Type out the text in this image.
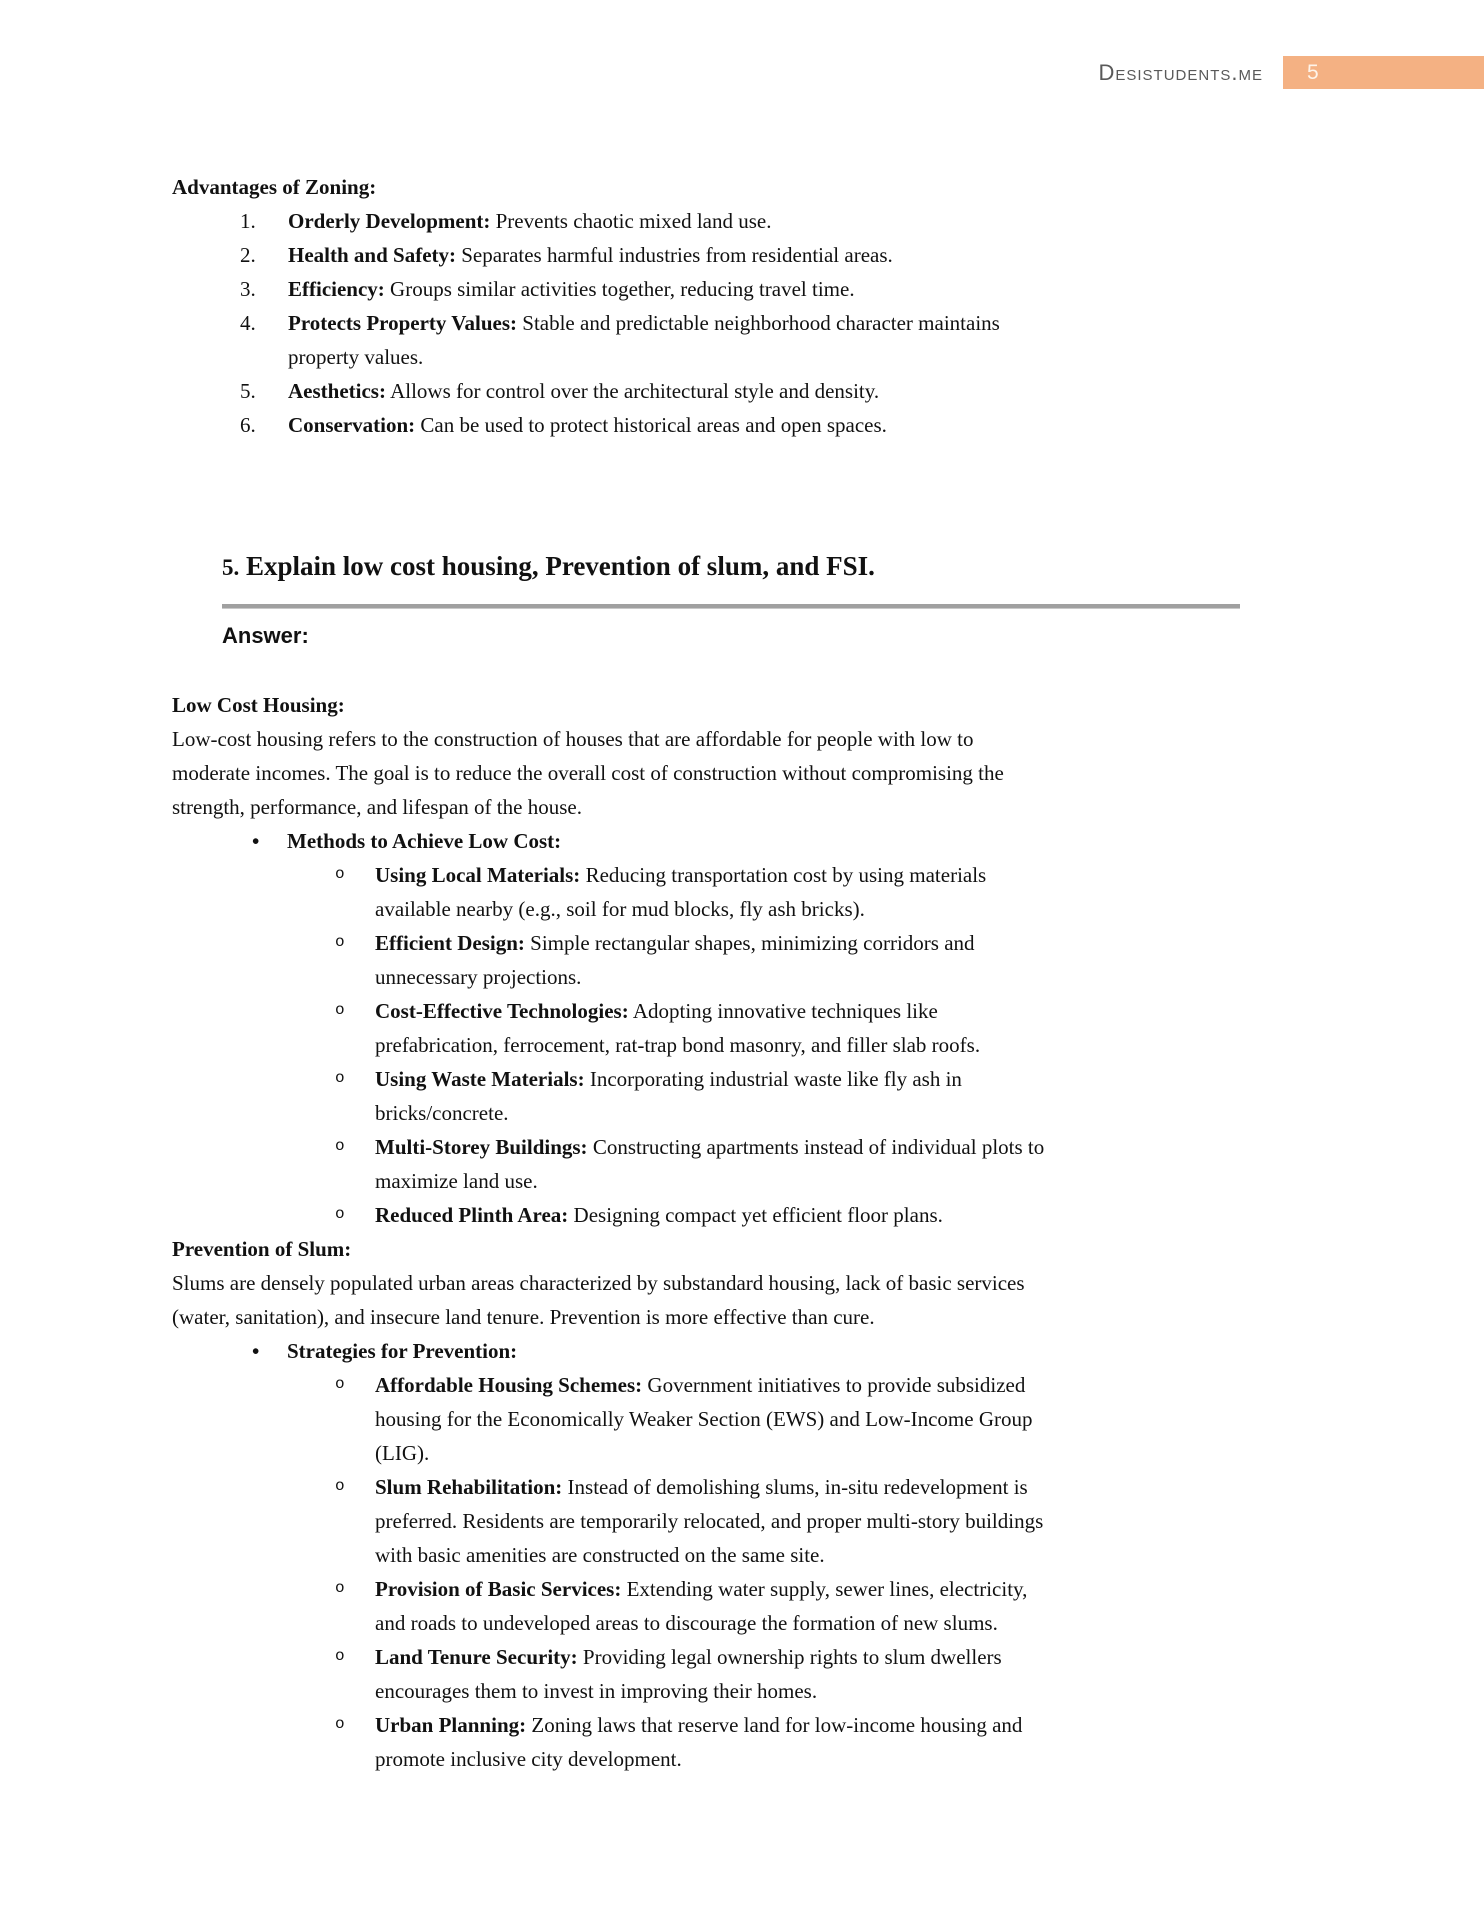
Desistudents.me	5
Advantages of Zoning:
1. Orderly Development: Prevents chaotic mixed land use.
2. Health and Safety: Separates harmful industries from residential areas.
3. Efficiency: Groups similar activities together, reducing travel time.
4. Protects Property Values: Stable and predictable neighborhood character maintains property values.
5. Aesthetics: Allows for control over the architectural style and density.
6. Conservation: Can be used to protect historical areas and open spaces.
5. Explain low cost housing, Prevention of slum, and FSI.
Answer:
Low Cost Housing:
Low-cost housing refers to the construction of houses that are affordable for people with low to moderate incomes. The goal is to reduce the overall cost of construction without compromising the strength, performance, and lifespan of the house.
• Methods to Achieve Low Cost:
o Using Local Materials: Reducing transportation cost by using materials available nearby (e.g., soil for mud blocks, fly ash bricks).
o Efficient Design: Simple rectangular shapes, minimizing corridors and unnecessary projections.
o Cost-Effective Technologies: Adopting innovative techniques like prefabrication, ferrocement, rat-trap bond masonry, and filler slab roofs.
o Using Waste Materials: Incorporating industrial waste like fly ash in bricks/concrete.
o Multi-Storey Buildings: Constructing apartments instead of individual plots to maximize land use.
o Reduced Plinth Area: Designing compact yet efficient floor plans.
Prevention of Slum:
Slums are densely populated urban areas characterized by substandard housing, lack of basic services (water, sanitation), and insecure land tenure. Prevention is more effective than cure.
• Strategies for Prevention:
o Affordable Housing Schemes: Government initiatives to provide subsidized housing for the Economically Weaker Section (EWS) and Low-Income Group (LIG).
o Slum Rehabilitation: Instead of demolishing slums, in-situ redevelopment is preferred. Residents are temporarily relocated, and proper multi-story buildings with basic amenities are constructed on the same site.
o Provision of Basic Services: Extending water supply, sewer lines, electricity, and roads to undeveloped areas to discourage the formation of new slums.
o Land Tenure Security: Providing legal ownership rights to slum dwellers encourages them to invest in improving their homes.
o Urban Planning: Zoning laws that reserve land for low-income housing and promote inclusive city development.
